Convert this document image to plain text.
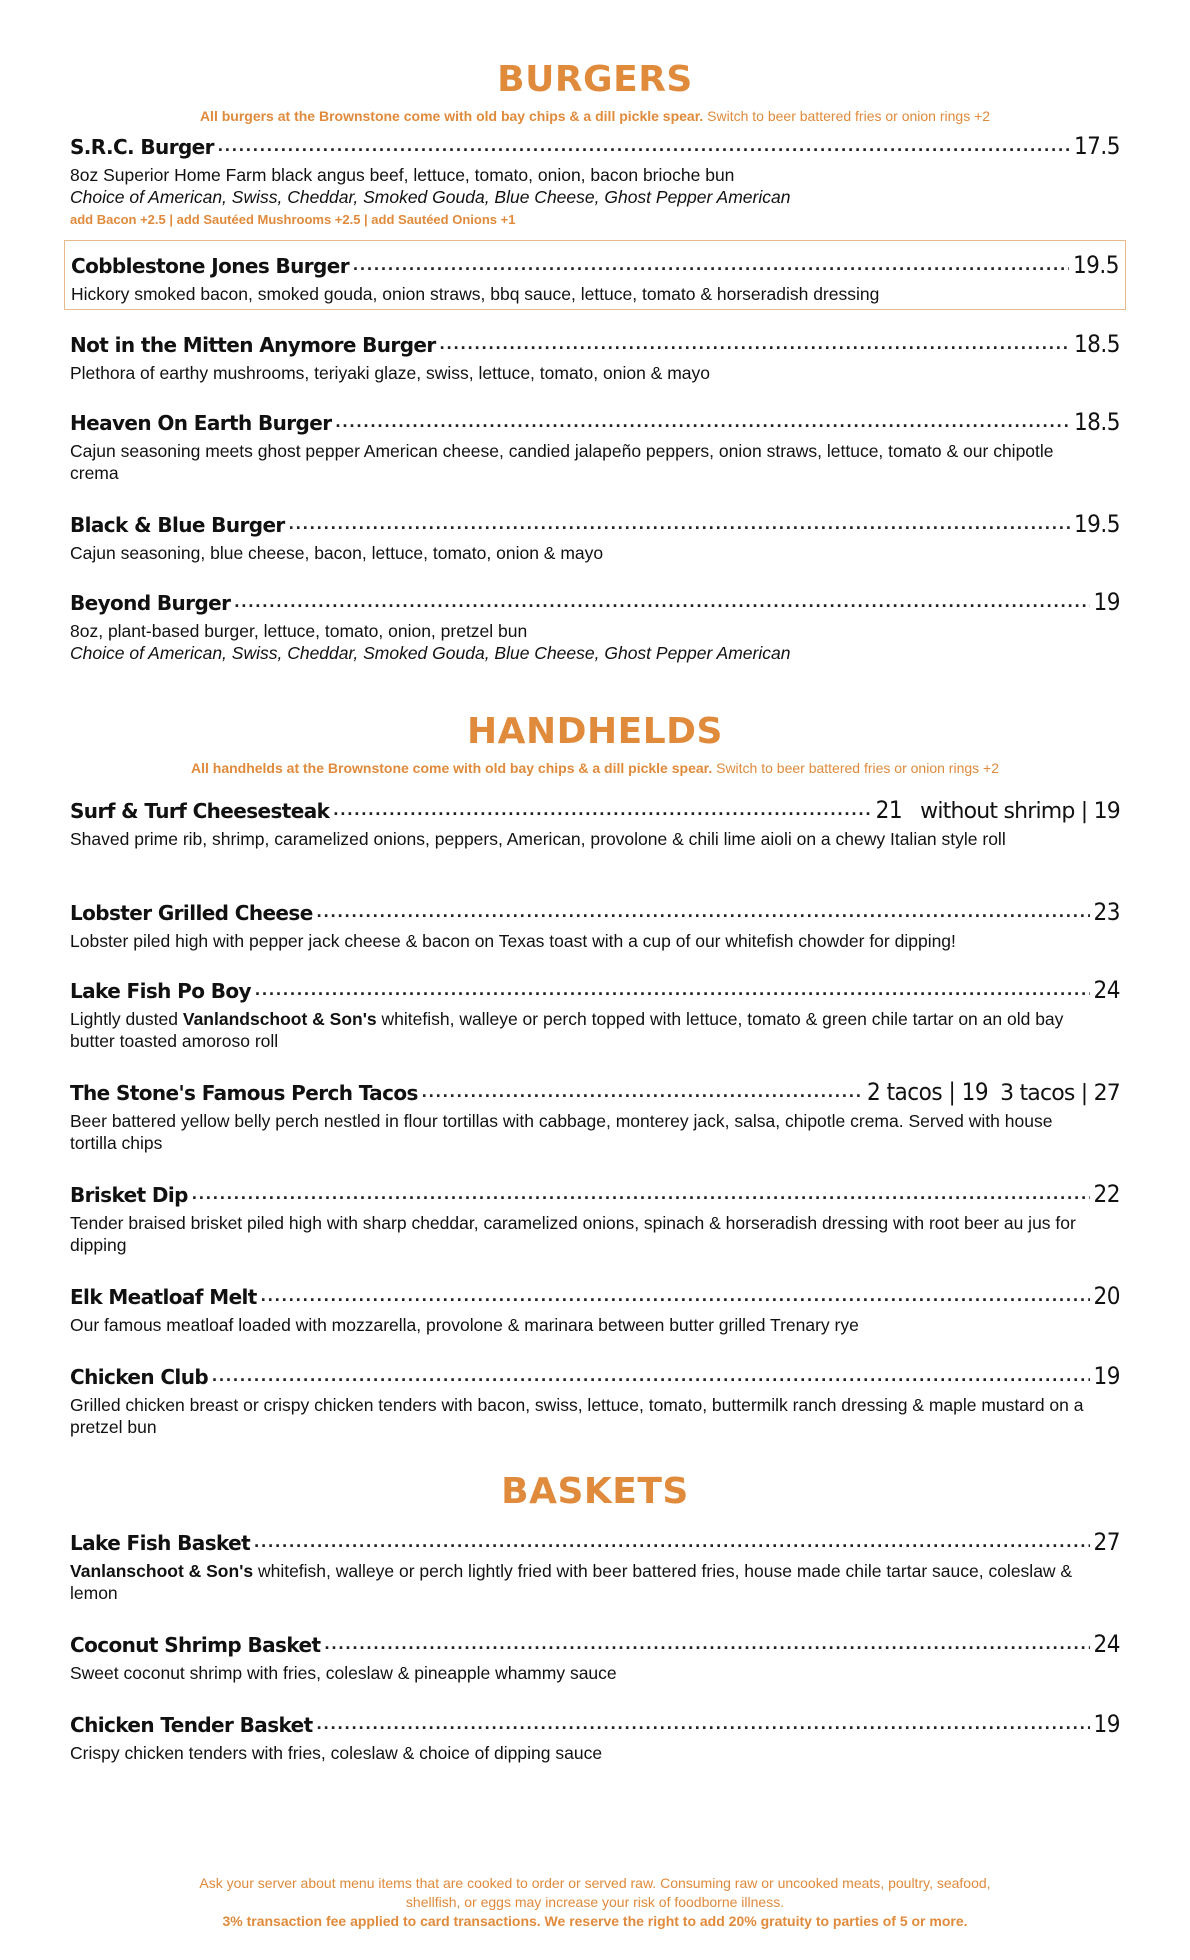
BURGERS
All burgers at the Brownstone come with old bay chips & a dill pickle spear. Switch to beer battered fries or onion rings +2
S.R.C. Burger . . .	17.5
8oz Superior Home Farm black angus beef, lettuce, tomato, onion, bacon brioche bun
Choice of American, Swiss, Cheddar, Smoked Gouda, Blue Cheese, Ghost Pepper American
add Bacon +2.5 | add Sautéed Mushrooms +2.5 | add Sautéed Onions +1
Cobblestone Jones Burger . . .	19.5
Hickory smoked bacon, smoked gouda, onion straws, bbq sauce, lettuce, tomato & horseradish dressing
Not in the Mitten Anymore Burger . . .	18.5
Plethora of earthy mushrooms, teriyaki glaze, swiss, lettuce, tomato, onion & mayo
Heaven On Earth Burger . . .	18.5
Cajun seasoning meets ghost pepper American cheese, candied jalapeño peppers, onion straws, lettuce, tomato & our chipotle crema
Black & Blue Burger . . .	19.5
Cajun seasoning, blue cheese, bacon, lettuce, tomato, onion & mayo
Beyond Burger . . .	19
8oz, plant-based burger, lettuce, tomato, onion, pretzel bun
Choice of American, Swiss, Cheddar, Smoked Gouda, Blue Cheese, Ghost Pepper American
HANDHELDS
All handhelds at the Brownstone come with old bay chips & a dill pickle spear. Switch to beer battered fries or onion rings +2
Surf & Turf Cheesesteak . . .	21 without shrimp | 19
Shaved prime rib, shrimp, caramelized onions, peppers, American, provolone & chili lime aioli on a chewy Italian style roll
Lobster Grilled Cheese . . .	23
Lobster piled high with pepper jack cheese & bacon on Texas toast with a cup of our whitefish chowder for dipping!
Lake Fish Po Boy . . .	24
Lightly dusted Vanlandschoot & Son's whitefish, walleye or perch topped with lettuce, tomato & green chile tartar on an old bay butter toasted amoroso roll
The Stone's Famous Perch Tacos . . .	2 tacos | 19 3 tacos | 27
Beer battered yellow belly perch nestled in flour tortillas with cabbage, monterey jack, salsa, chipotle crema. Served with house tortilla chips
Brisket Dip . . .	22
Tender braised brisket piled high with sharp cheddar, caramelized onions, spinach & horseradish dressing with root beer au jus for dipping
Elk Meatloaf Melt . . .	20
Our famous meatloaf loaded with mozzarella, provolone & marinara between butter grilled Trenary rye
Chicken Club . . .	19
Grilled chicken breast or crispy chicken tenders with bacon, swiss, lettuce, tomato, buttermilk ranch dressing & maple mustard on a pretzel bun
BASKETS
Lake Fish Basket . . .	27
Vanlanschoot & Son's whitefish, walleye or perch lightly fried with beer battered fries, house made chile tartar sauce, coleslaw & lemon
Coconut Shrimp Basket . . .	24
Sweet coconut shrimp with fries, coleslaw & pineapple whammy sauce
Chicken Tender Basket . . .	19
Crispy chicken tenders with fries, coleslaw & choice of dipping sauce
Ask your server about menu items that are cooked to order or served raw. Consuming raw or uncooked meats, poultry, seafood,
shellfish, or eggs may increase your risk of foodborne illness.
3% transaction fee applied to card transactions. We reserve the right to add 20% gratuity to parties of 5 or more.
